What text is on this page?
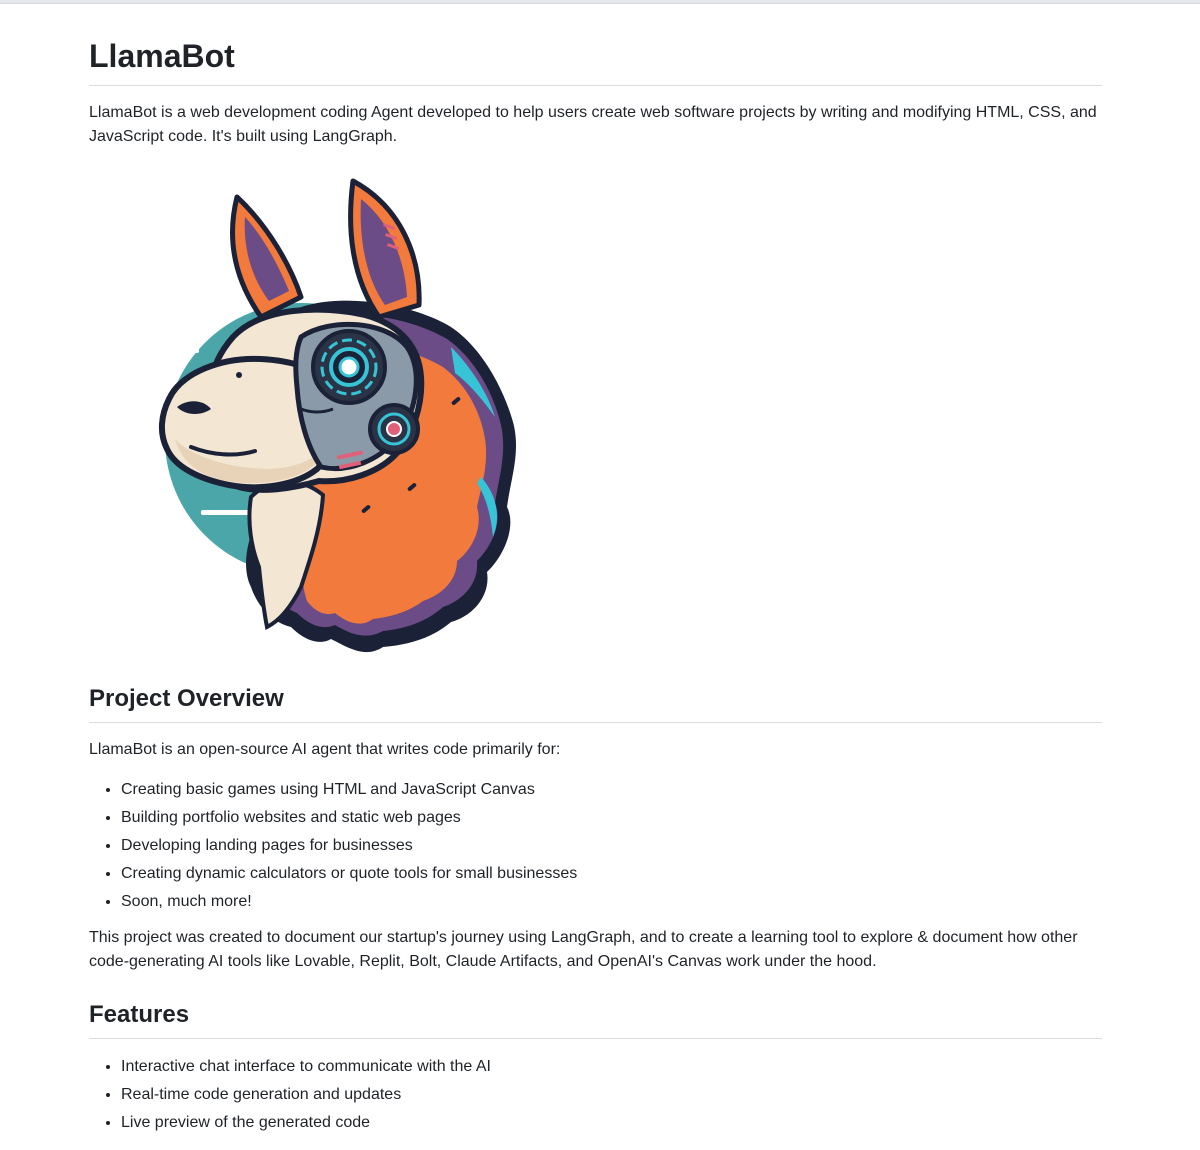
LlamaBot

LlamaBot is a web development coding Agent developed to help users create web software projects by writing and modifying HTML, CSS, and JavaScript code. It's built using LangGraph.

Project Overview

LlamaBot is an open-source AI agent that writes code primarily for:

• Creating basic games using HTML and JavaScript Canvas
• Building portfolio websites and static web pages
• Developing landing pages for businesses
• Creating dynamic calculators or quote tools for small businesses
• Soon, much more!

This project was created to document our startup's journey using LangGraph, and to create a learning tool to explore & document how other code-generating AI tools like Lovable, Replit, Bolt, Claude Artifacts, and OpenAI's Canvas work under the hood.

Features
• Interactive chat interface to communicate with the AI
• Real-time code generation and updates
• Live preview of the generated code
